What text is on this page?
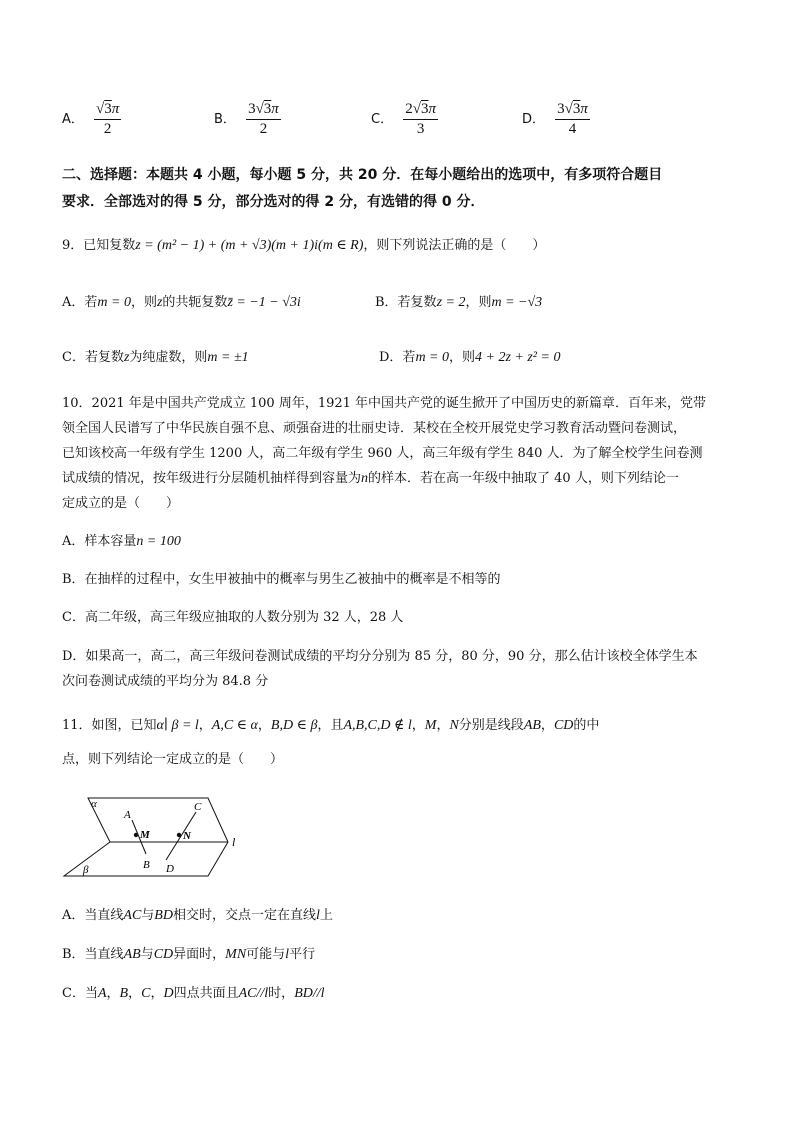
A． $\frac{√3\pi}{2}$	B． $\frac{3√3\pi}{2}$	C． $\frac{2√3\pi}{3}$	D． $\frac{3√3\pi}{4}$
二、选择题：本题共 4 小题，每小题 5 分，共 20 分．在每小题给出的选项中，有多项符合题目
要求．全部选对的得 5 分，部分选对的得 2 分，有选错的得 0 分．
9．已知复数z = (m² − 1) + (m + √3)(m + 1)i(m ∈ R)，则下列说法正确的是（　　）
A．若m = 0，则z的共轭复数z̄ = −1 − √3i	B．若复数z = 2，则m = −√3
C．若复数z为纯虚数，则m = ±1	D．若m = 0，则4 + 2z + z² = 0
10．2021 年是中国共产党成立 100 周年，1921 年中国共产党的诞生掀开了中国历史的新篇章．百年来，党带
领全国人民谱写了中华民族自强不息、顽强奋进的壮丽史诗．某校在全校开展党史学习教育活动暨问卷测试，
已知该校高一年级有学生 1200 人，高二年级有学生 960 人，高三年级有学生 840 人．为了解全校学生问卷测
试成绩的情况，按年级进行分层随机抽样得到容量为n的样本．若在高一年级中抽取了 40 人，则下列结论一
定成立的是（　　）
A．样本容量n = 100
B．在抽样的过程中，女生甲被抽中的概率与男生乙被抽中的概率是不相等的
C．高二年级，高三年级应抽取的人数分别为 32 人，28 人
D．如果高一，高二，高三年级问卷测试成绩的平均分分别为 85 分，80 分，90 分，那么估计该校全体学生本
次问卷测试成绩的平均分为 84.8 分
11．如图，已知α∣ β = l，A,C ∈ α，B,D ∈ β，且A,B,C,D ∉ l，M，N分别是线段AB，CD的中
点，则下列结论一定成立的是（　　）
α
β
A
B
C
D
M	N	l
A．当直线AC与BD相交时，交点一定在直线l上
B．当直线AB与CD异面时，MN可能与l平行
C．当A，B，C，D四点共面且AC//l时，BD//l
